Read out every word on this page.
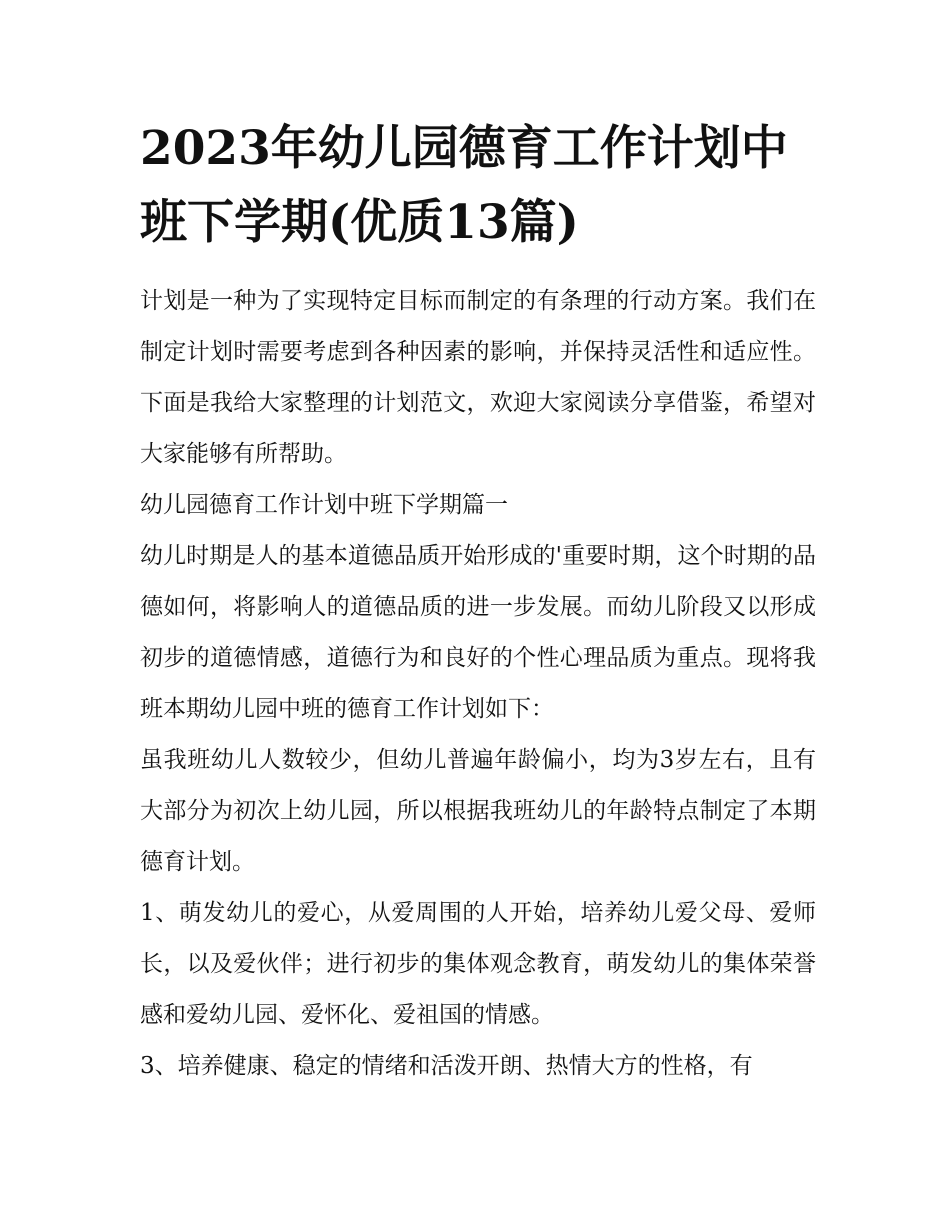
2023年幼儿园德育工作计划中班下学期(优质13篇)

计划是一种为了实现特定目标而制定的有条理的行动方案。我们在制定计划时需要考虑到各种因素的影响，并保持灵活性和适应性。下面是我给大家整理的计划范文，欢迎大家阅读分享借鉴，希望对大家能够有所帮助。

幼儿园德育工作计划中班下学期篇一

幼儿时期是人的基本道德品质开始形成的'重要时期，这个时期的品德如何，将影响人的道德品质的进一步发展。而幼儿阶段又以形成初步的道德情感，道德行为和良好的个性心理品质为重点。现将我班本期幼儿园中班的德育工作计划如下：

虽我班幼儿人数较少，但幼儿普遍年龄偏小，均为3岁左右，且有大部分为初次上幼儿园，所以根据我班幼儿的年龄特点制定了本期德育计划。

1、萌发幼儿的爱心，从爱周围的人开始，培养幼儿爱父母、爱师长，以及爱伙伴；进行初步的集体观念教育，萌发幼儿的集体荣誉感和爱幼儿园、爱怀化、爱祖国的情感。

3、培养健康、稳定的情绪和活泼开朗、热情大方的性格，有
